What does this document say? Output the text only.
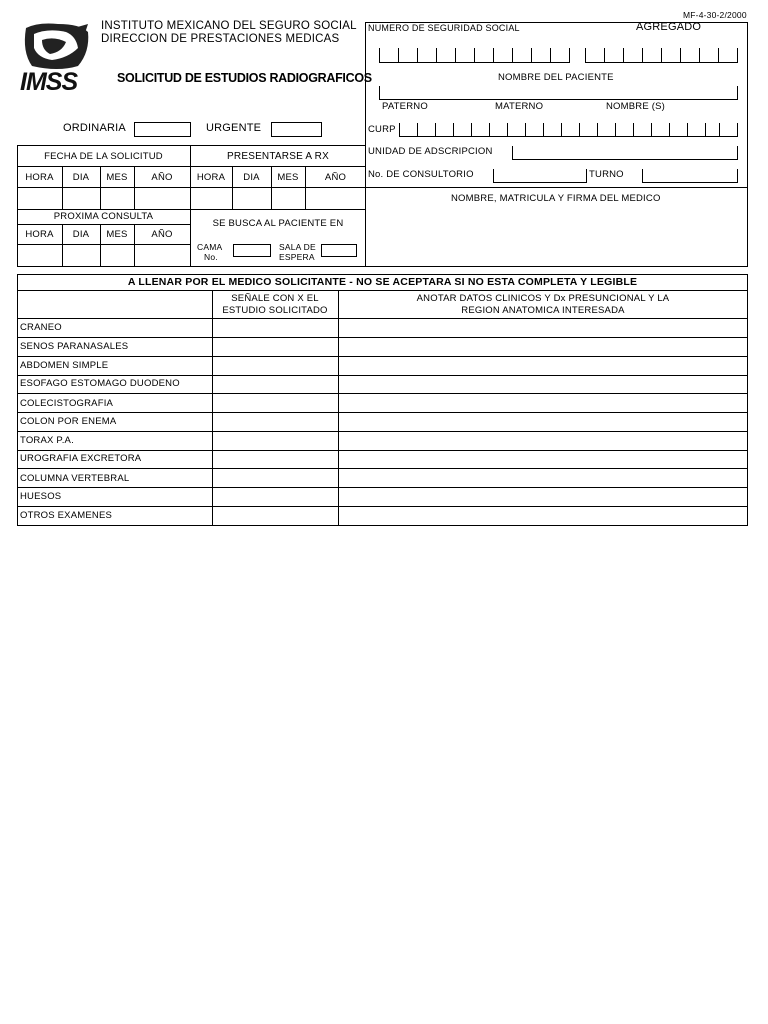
MF-4-30-2/2000
IMSS
INSTITUTO MEXICANO DEL SEGURO SOCIAL
DIRECCION DE PRESTACIONES MEDICAS
SOLICITUD DE ESTUDIOS RADIOGRAFICOS
ORDINARIA	URGENTE
NUMERO DE SEGURIDAD SOCIAL	AGREGADO
NOMBRE DEL PACIENTE
PATERNO	MATERNO	NOMBRE (S)
CURP
UNIDAD DE ADSCRIPCION
No. DE CONSULTORIO	TURNO
NOMBRE, MATRICULA Y FIRMA DEL MEDICO
FECHA DE LA SOLICITUD	PRESENTARSE A RX
HORA	DIA	MES	AÑO	HORA	DIA	MES	AÑO
PROXIMA CONSULTA
HORA	DIA	MES	AÑO
SE BUSCA AL PACIENTE EN
CAMA
No.
SALA DE
ESPERA
A LLENAR POR EL MEDICO SOLICITANTE - NO SE ACEPTARA SI NO ESTA COMPLETA Y LEGIBLE
SEÑALE CON X EL
ESTUDIO SOLICITADO
ANOTAR DATOS CLINICOS Y Dx PRESUNCIONAL Y LA
REGION ANATOMICA INTERESADA
CRANEO
SENOS PARANASALES
ABDOMEN SIMPLE
ESOFAGO ESTOMAGO DUODENO
COLECISTOGRAFIA
COLON POR ENEMA
TORAX P.A.
UROGRAFIA EXCRETORA
COLUMNA VERTEBRAL
HUESOS
OTROS EXAMENES
